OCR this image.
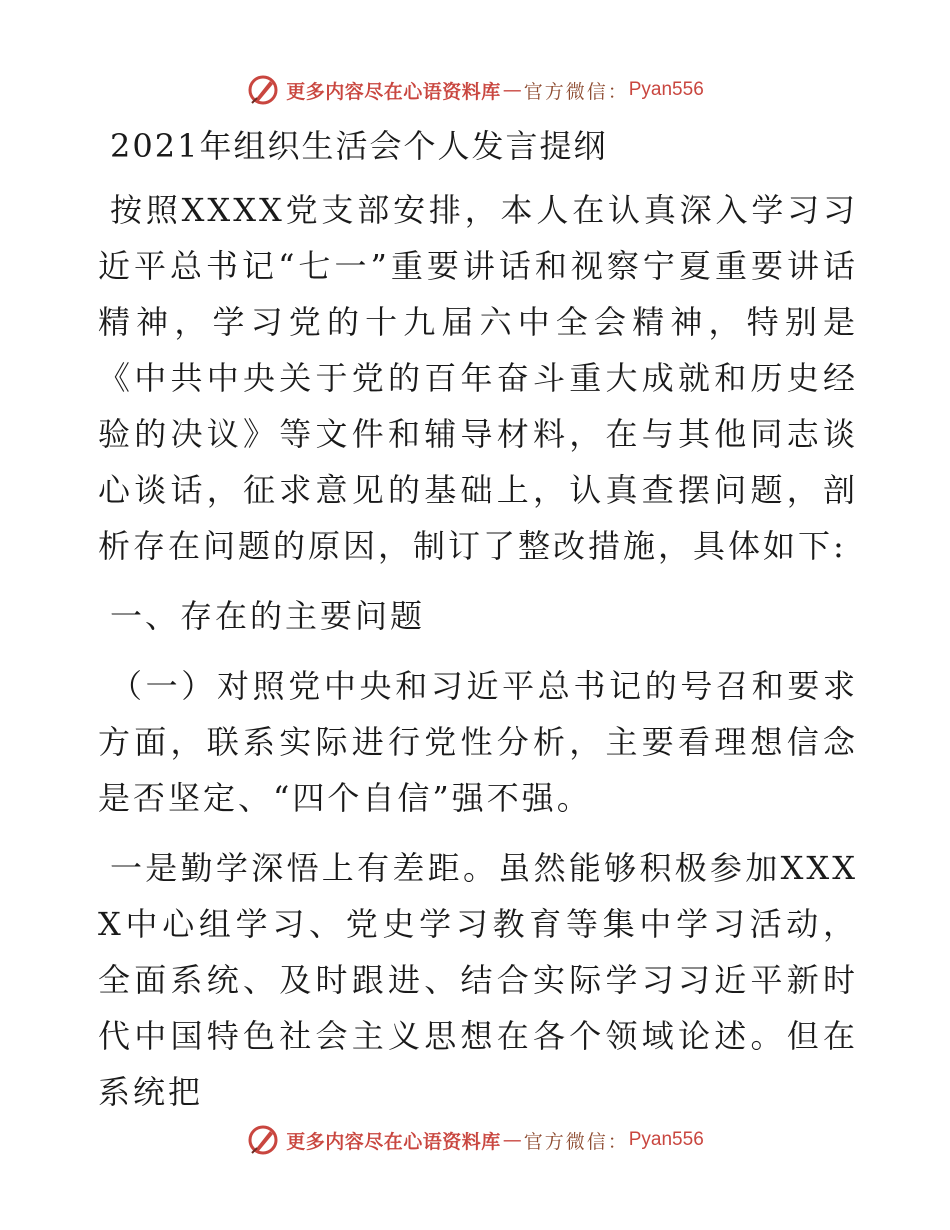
更多内容尽在心语资料库 — 官方微信： Pyan556
2021年组织生活会个人发言提纲

按照XXXX党支部安排，本人在认真深入学习习近平总书记“七一”重要讲话和视察宁夏重要讲话精神，学习党的十九届六中全会精神，特别是《中共中央关于党的百年奋斗重大成就和历史经验的决议》等文件和辅导材料，在与其他同志谈心谈话，征求意见的基础上，认真查摆问题，剖析存在问题的原因，制订了整改措施，具体如下:

一、存在的主要问题

（一）对照党中央和习近平总书记的号召和要求方面，联系实际进行党性分析，主要看理想信念是否坚定、“四个自信”强不强。

一是勤学深悟上有差距。虽然能够积极参加XXXX中心组学习、党史学习教育等集中学习活动，全面系统、及时跟进、结合实际学习习近平新时代中国特色社会主义思想在各个领域论述。但在系统把

更多内容尽在心语资料库 — 官方微信： Pyan556
